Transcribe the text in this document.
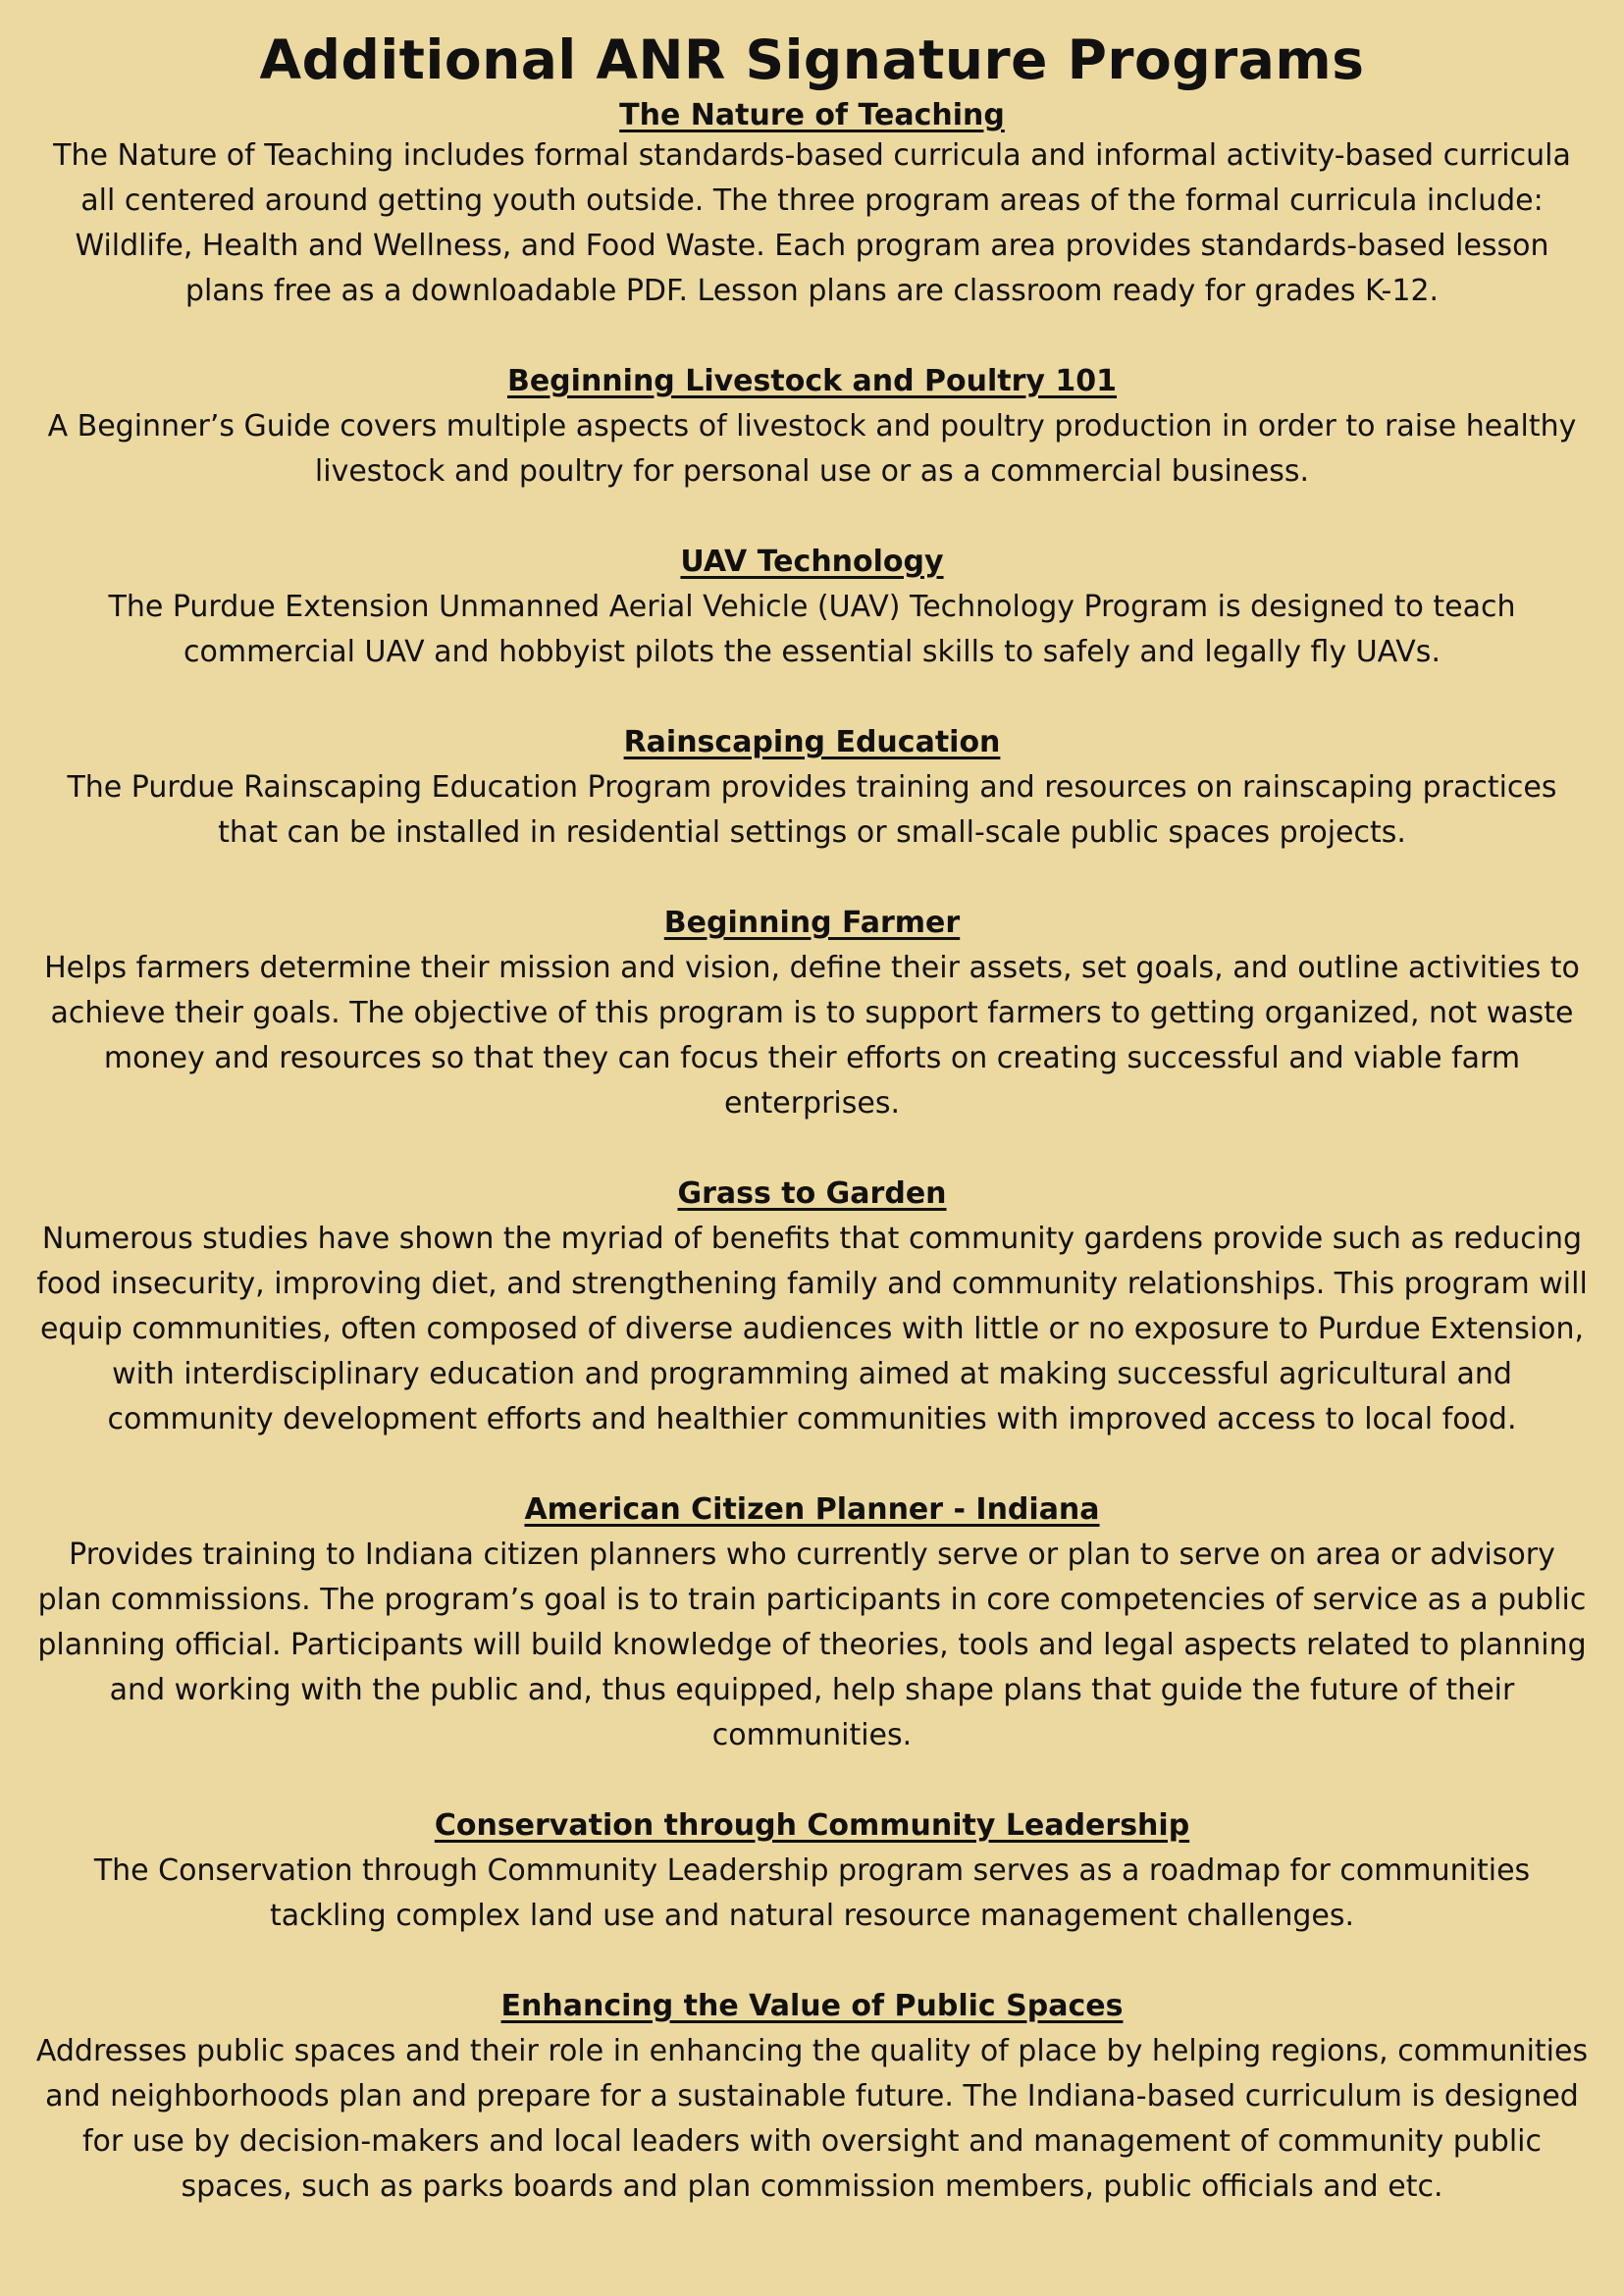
Additional ANR Signature Programs
The Nature of Teaching

The Nature of Teaching includes formal standards-based curricula and informal activity-based curricula all centered around getting youth outside. The three program areas of the formal curricula include: Wildlife, Health and Wellness, and Food Waste. Each program area provides standards-based lesson plans free as a downloadable PDF. Lesson plans are classroom ready for grades K-12.

Beginning Livestock and Poultry 101

A Beginner’s Guide covers multiple aspects of livestock and poultry production in order to raise healthy livestock and poultry for personal use or as a commercial business.

UAV Technology

The Purdue Extension Unmanned Aerial Vehicle (UAV) Technology Program is designed to teach commercial UAV and hobbyist pilots the essential skills to safely and legally fly UAVs.

Rainscaping Education

The Purdue Rainscaping Education Program provides training and resources on rainscaping practices that can be installed in residential settings or small-scale public spaces projects.

Beginning Farmer

Helps farmers determine their mission and vision, define their assets, set goals, and outline activities to achieve their goals. The objective of this program is to support farmers to getting organized, not waste money and resources so that they can focus their efforts on creating successful and viable farm enterprises.

Grass to Garden

Numerous studies have shown the myriad of benefits that community gardens provide such as reducing food insecurity, improving diet, and strengthening family and community relationships. This program will equip communities, often composed of diverse audiences with little or no exposure to Purdue Extension, with interdisciplinary education and programming aimed at making successful agricultural and community development efforts and healthier communities with improved access to local food.

American Citizen Planner - Indiana

Provides training to Indiana citizen planners who currently serve or plan to serve on area or advisory plan commissions. The program’s goal is to train participants in core competencies of service as a public planning official. Participants will build knowledge of theories, tools and legal aspects related to planning and working with the public and, thus equipped, help shape plans that guide the future of their communities.

Conservation through Community Leadership

The Conservation through Community Leadership program serves as a roadmap for communities tackling complex land use and natural resource management challenges.

Enhancing the Value of Public Spaces

Addresses public spaces and their role in enhancing the quality of place by helping regions, communities and neighborhoods plan and prepare for a sustainable future. The Indiana-based curriculum is designed for use by decision-makers and local leaders with oversight and management of community public spaces, such as parks boards and plan commission members, public officials and etc.
